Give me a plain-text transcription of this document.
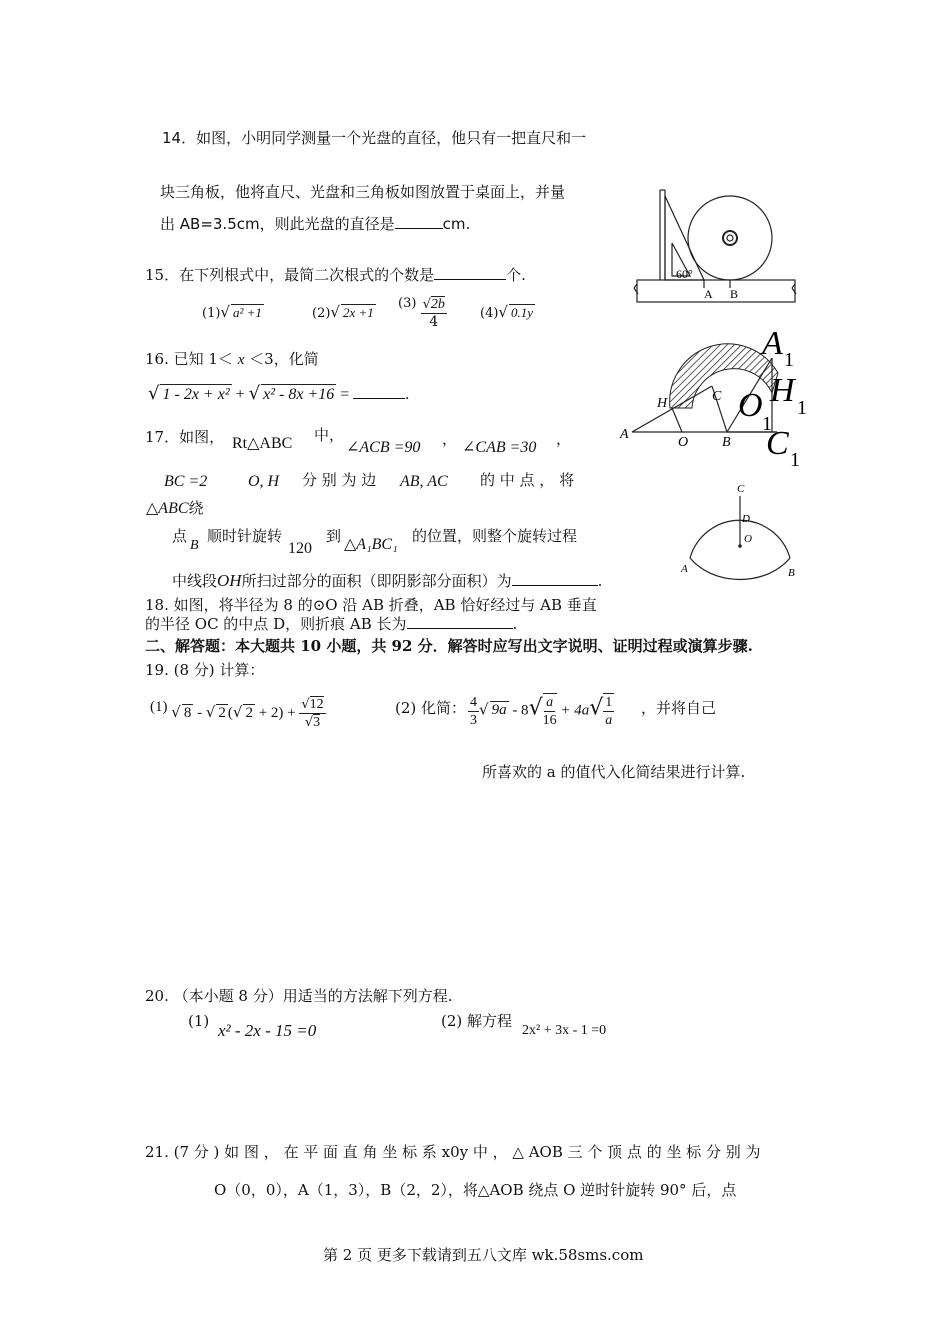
14．如图，小明同学测量一个光盘的直径，他只有一把直尺和一
块三角板，他将直尺、光盘和三角板如图放置于桌面上，并量
出 AB=3.5cm，则此光盘的直径是	cm.
60°
A B
15．在下列根式中，最简二次根式的个数是	个.
(1)√ a² +1	(2)√ 2x +1
$(3) \frac{√2b}{4}$	(4)√ 0.1y
16. 已知 1＜ x ＜3，化简
√ 1 - 2x + x² + √ x² - 8x +16 =	.
17．如图， Rt△ABC 中，
∠ACB =90 ， ∠CAB =30 ，
BC =2	O, H 分 别 为 边 AB, AC 的 中 点 ， 将
△ABC绕
点
B
顺时针旋转
120
到 △A₁BC₁ 的位置，则整个旋转过程
中线段OH所扫过部分的面积（即阴影部分面积）为	.
A 1
H 1
O 1
C 1
H	C
A
O B
C
D
O
A	B
18. 如图，将半径为 8 的⊙O 沿 AB 折叠，AB 恰好经过与 AB 垂直
的半径 OC 的中点 D，则折痕 AB 长为	.
二、解答题：本大题共 10 小题，共 92 分．解答时应写出文字说明、证明过程或演算步骤.
19. (8 分) 计算：
(1) √ 8 - √ 2 (√ $2 + 2) + \frac{√12}{√3}$	(2) 化简： $\frac{4}{3}$ √ $9a - 8√ \frac{a}{16} + 4a√ \frac{1}{a}$ ，并将自己
所喜欢的 a 的值代入化简结果进行计算.
20. （本小题 8 分）用适当的方法解下列方程.
(1) x² - 2x - 15 =0	(2) 解方程
2x² + 3x - 1 =0
21. (7 分 ) 如 图 ， 在 平 面 直 角 坐 标 系 x0y 中 ， △ AOB 三 个 顶 点 的 坐 标 分 别 为
O（0，0），A（1，3），B（2，2），将△AOB 绕点 O 逆时针旋转 90° 后，点
第 2 页 更多下载请到五八文库 wk.58sms.com
